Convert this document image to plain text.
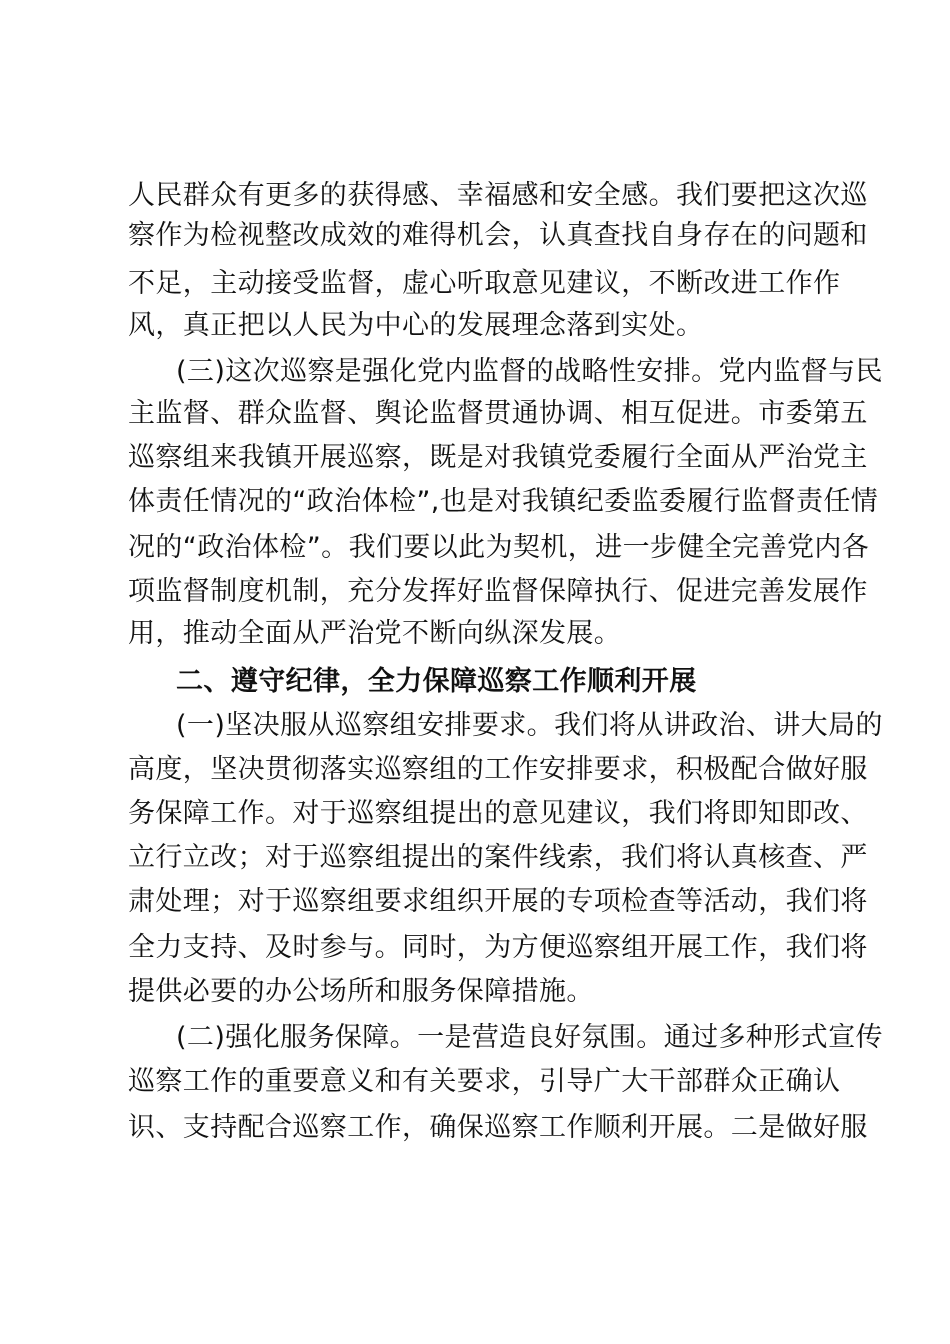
人民群众有更多的获得感、幸福感和安全感。我们要把这次巡
察作为检视整改成效的难得机会，认真查找自身存在的问题和
不足，主动接受监督，虚心听取意见建议，不断改进工作作
风，真正把以人民为中心的发展理念落到实处。
(三)这次巡察是强化党内监督的战略性安排。党内监督与民
主监督、群众监督、舆论监督贯通协调、相互促进。市委第五
巡察组来我镇开展巡察，既是对我镇党委履行全面从严治党主
体责任情况的“政治体检”,也是对我镇纪委监委履行监督责任情
况的“政治体检”。我们要以此为契机，进一步健全完善党内各
项监督制度机制，充分发挥好监督保障执行、促进完善发展作
用，推动全面从严治党不断向纵深发展。
二、遵守纪律，全力保障巡察工作顺利开展
(一)坚决服从巡察组安排要求。我们将从讲政治、讲大局的
高度，坚决贯彻落实巡察组的工作安排要求，积极配合做好服
务保障工作。对于巡察组提出的意见建议，我们将即知即改、
立行立改；对于巡察组提出的案件线索，我们将认真核查、严
肃处理；对于巡察组要求组织开展的专项检查等活动，我们将
全力支持、及时参与。同时，为方便巡察组开展工作，我们将
提供必要的办公场所和服务保障措施。
(二)强化服务保障。一是营造良好氛围。通过多种形式宣传
巡察工作的重要意义和有关要求，引导广大干部群众正确认
识、支持配合巡察工作，确保巡察工作顺利开展。二是做好服
